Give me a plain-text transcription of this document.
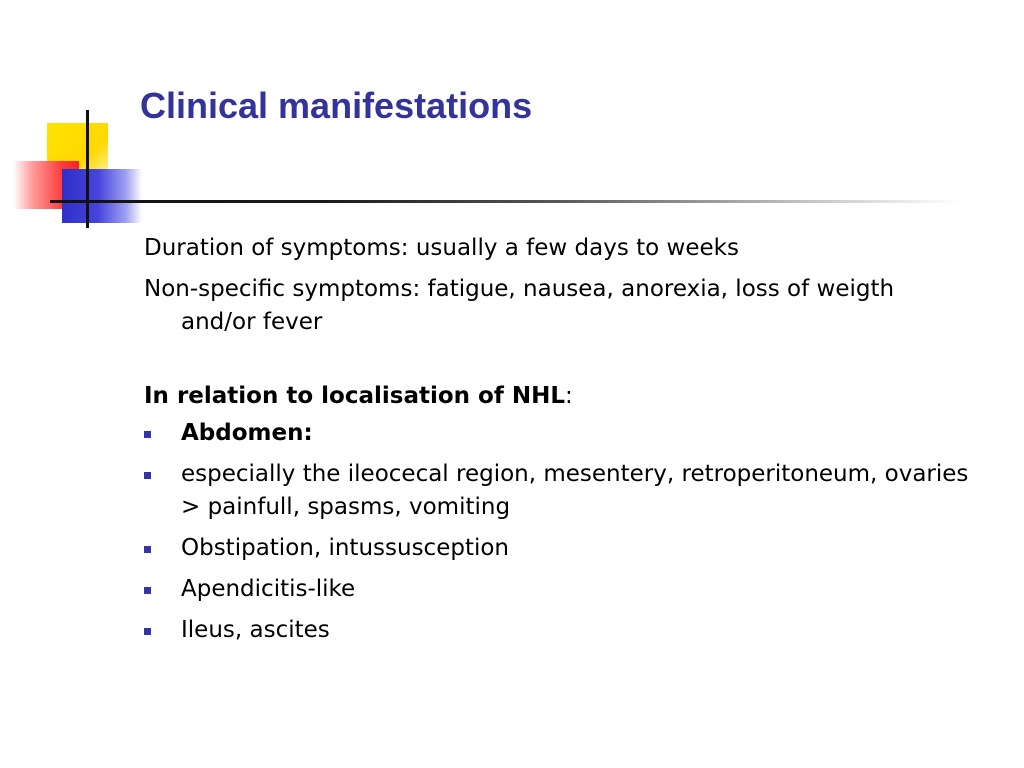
Clinical manifestations

Duration of symptoms: usually a few days to weeks

Non-specific symptoms: fatigue, nausea, anorexia, loss of weigth and/or fever

In relation to localisation of NHL:

Abdomen:
especially the ileocecal region, mesentery, retroperitoneum, ovaries   > painfull, spasms, vomiting
Obstipation, intussusception
Apendicitis-like
Ileus, ascites
